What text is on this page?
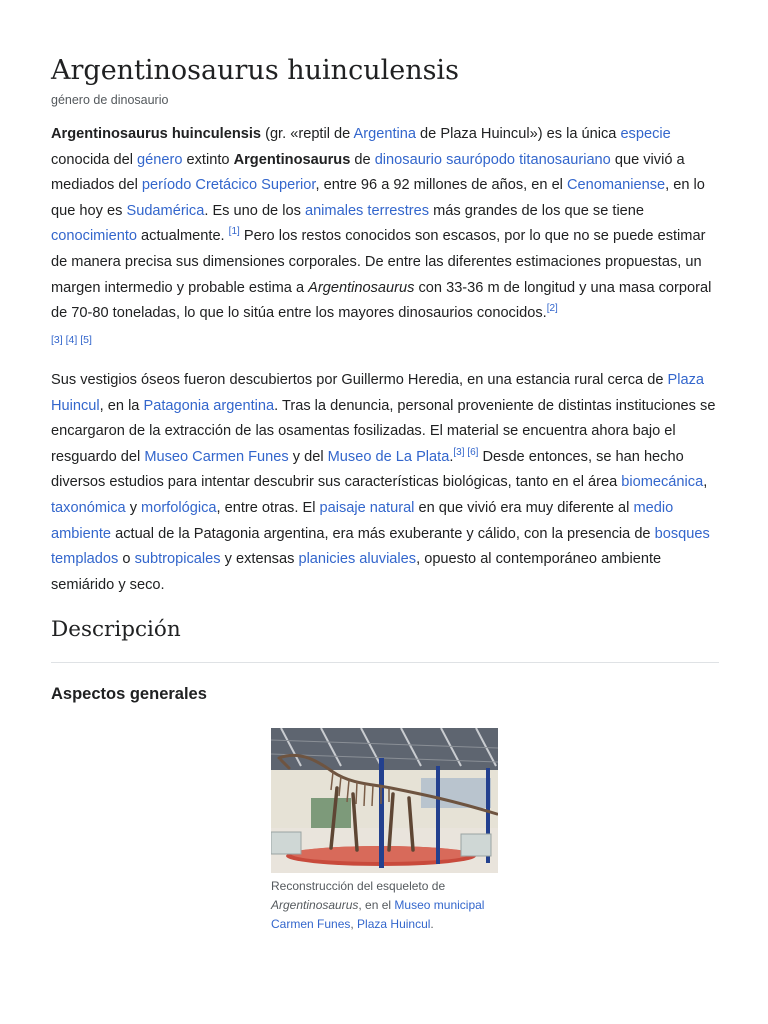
Argentinosaurus huinculensis
género de dinosaurio

Argentinosaurus huinculensis (gr. «reptil de Argentina de Plaza Huincul») es la única especie conocida del género extinto Argentinosaurus de dinosaurio saurópodo titanosauriano que vivió a mediados del período Cretácico Superior, entre 96 a 92 millones de años, en el Cenomaniense, en lo que hoy es Sudamérica. Es uno de los animales terrestres más grandes de los que se tiene conocimiento actualmente. [1] Pero los restos conocidos son escasos, por lo que no se puede estimar de manera precisa sus dimensiones corporales. De entre las diferentes estimaciones propuestas, un margen intermedio y probable estima a Argentinosaurus con 33-36 m de longitud y una masa corporal de 70-80 toneladas, lo que lo sitúa entre los mayores dinosaurios conocidos.[2]
[3] [4] [5]

Sus vestigios óseos fueron descubiertos por Guillermo Heredia, en una estancia rural cerca de Plaza Huincul, en la Patagonia argentina. Tras la denuncia, personal proveniente de distintas instituciones se encargaron de la extracción de las osamentas fosilizadas. El material se encuentra ahora bajo el resguardo del Museo Carmen Funes y del Museo de La Plata.[3] [6] Desde entonces, se han hecho diversos estudios para intentar descubrir sus características biológicas, tanto en el área biomecánica, taxonómica y morfológica, entre otras. El paisaje natural en que vivió era muy diferente al medio ambiente actual de la Patagonia argentina, era más exuberante y cálido, con la presencia de bosques templados o subtropicales y extensas planicies aluviales, opuesto al contemporáneo ambiente semiárido y seco.

Descripción
Aspectos generales
Reconstrucción del esqueleto de Argentinosaurus, en el Museo municipal Carmen Funes, Plaza Huincul.
